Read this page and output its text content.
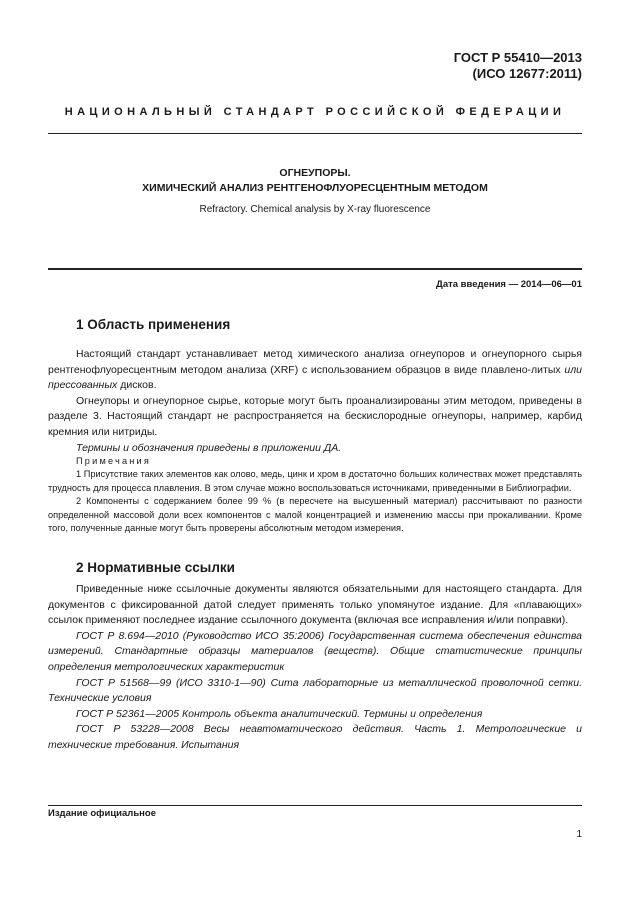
ГОСТ Р 55410—2013
(ИСО 12677:2011)
НАЦИОНАЛЬНЫЙ СТАНДАРТ РОССИЙСКОЙ ФЕДЕРАЦИИ
ОГНЕУПОРЫ.
ХИМИЧЕСКИЙ АНАЛИЗ РЕНТГЕНОФЛУОРЕСЦЕНТНЫМ МЕТОДОМ
Refractory. Chemical analysis by X-ray fluorescence
Дата введения — 2014—06—01
1 Область применения

Настоящий стандарт устанавливает метод химического анализа огнеупоров и огнеупорного сырья рентгенофлуоресцентным методом анализа (XRF) с использованием образцов в виде плавлено-литых или прессованных дисков.

Огнеупоры и огнеупорное сырье, которые могут быть проанализированы этим методом, приведены в разделе 3. Настоящий стандарт не распространяется на бескислородные огнеупоры, например, карбид кремния или нитриды.

Термины и обозначения приведены в приложении ДА.

Примечания

1 Присутствие таких элементов как олово, медь, цинк и хром в достаточно больших количествах может представлять трудность для процесса плавления. В этом случае можно воспользоваться источниками, приведенными в Библиографии.

2 Компоненты с содержанием более 99 % (в пересчете на высушенный материал) рассчитывают по разности определенной массовой доли всех компонентов с малой концентрацией и изменению массы при прокаливании. Кроме того, полученные данные могут быть проверены абсолютным методом измерения.

2 Нормативные ссылки

Приведенные ниже ссылочные документы являются обязательными для настоящего стандарта. Для документов с фиксированной датой следует применять только упомянутое издание. Для «плавающих» ссылок применяют последнее издание ссылочного документа (включая все исправления и/или поправки).

ГОСТ Р 8.694—2010 (Руководство ИСО 35:2006) Государственная система обеспечения единства измерений. Стандартные образцы материалов (веществ). Общие статистические принципы определения метрологических характеристик

ГОСТ Р 51568—99 (ИСО 3310-1—90) Сита лабораторные из металлической проволочной сетки. Технические условия

ГОСТ Р 52361—2005 Контроль объекта аналитический. Термины и определения

ГОСТ Р 53228—2008 Весы неавтоматического действия. Часть 1. Метрологические и технические требования. Испытания

Издание официальное
1
